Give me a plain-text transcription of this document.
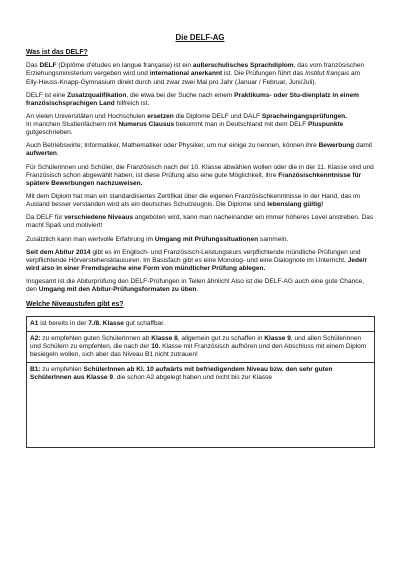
Die DELF-AG
Was ist das DELF?

Das DELF (Diplôme d'études en langue française) ist ein außerschulisches Sprachdiplom, das vom französischen Erziehungsministerium vergeben wird und international anerkannt ist. Die Prüfungen führt das Institut français am Elly-Heuss-Knapp-Gymnasium direkt durch und zwar zwei Mal pro Jahr (Januar / Februar, Juni/Juli).

DELF ist eine Zusatzqualifikation, die etwa bei der Suche nach einem Praktikums- oder Stu-dienplatz in einem französischsprachigen Land hilfreich ist.

An vielen Universitäten und Hochschulen ersetzen die Diplome DELF und DALF Spracheingangsprüfungen.
In manchen Studienfächern mit Numerus Clausus bekommt man in Deutschland mit dem DELF Pluspunkte gutgeschrieben.

Auch Betriebswirte; Informatiker, Mathematiker oder Physiker, um nur einige zu nennen, können ihre Bewerbung damit aufwerten.

Für Schülerinnen und Schüler, die Französisch nach der 10. Klasse abwählen wollen oder die in der 11. Klasse sind und Französisch schon abgewählt haben, ist diese Prüfung also eine gute Möglichkeit, ihre Französischkenntnisse für spätere Bewerbungen nachzuweisen.

Mit dem Diplom hat man ein standardisiertes Zertifikat über die eigenen Französischkenntnisse in der Hand, das im Ausland besser verstanden wird als ein deutsches Schulzeugnis. Die Diplome sind lebenslang gültig!

Da DELF für verschiedene Niveaus angeboten wird, kann man nacheinander ein immer höheres Level anstreben. Das macht Spaß und motiviert!

Zusätzlich kann man wertvolle Erfahrung im Umgang mit Prüfungssituationen sammeln.

Seit dem Abitur 2014 gibt es im Englisch- und Französisch-Leistungskurs verpflichtende mündliche Prüfungen und verpflichtende Hörverstehensklausuren. Im Basisfach gibt es eine Monolog- und eine Dialognote im Unterricht. Jede/r wird also in einer Fremdsprache eine Form von mündlicher Prüfung ablegen.

Insgesamt ist die Abiturprüfung den DELF-Prüfungen in Teilen ähnlich! Also ist die DELF-AG auch eine gute Chance, den Umgang mit den Abitur-Prüfungsformaten zu üben.

Welche Niveaustufen gibt es?
A1 ist bereits in der 7./8. Klasse gut schaffbar.
A2: zu empfehlen guten SchülerInnen ab Klasse 8, allgemein gut zu schaffen in Klasse 9, und allen Schülerinnen und Schülern zu empfehlen, die nach der 10. Klasse mit Französisch aufhören und den Abschluss mit einem Diplom besiegeln wollen, sich aber das Niveau B1 nicht zutrauen!
B1: zu empfehlen SchülerInnen ab Kl. 10 aufwärts mit befriedigendem Niveau bzw. den sehr guten SchülerInnen aus Klasse 9, die schon A2 abgelegt haben und nicht bis zur Klasse
